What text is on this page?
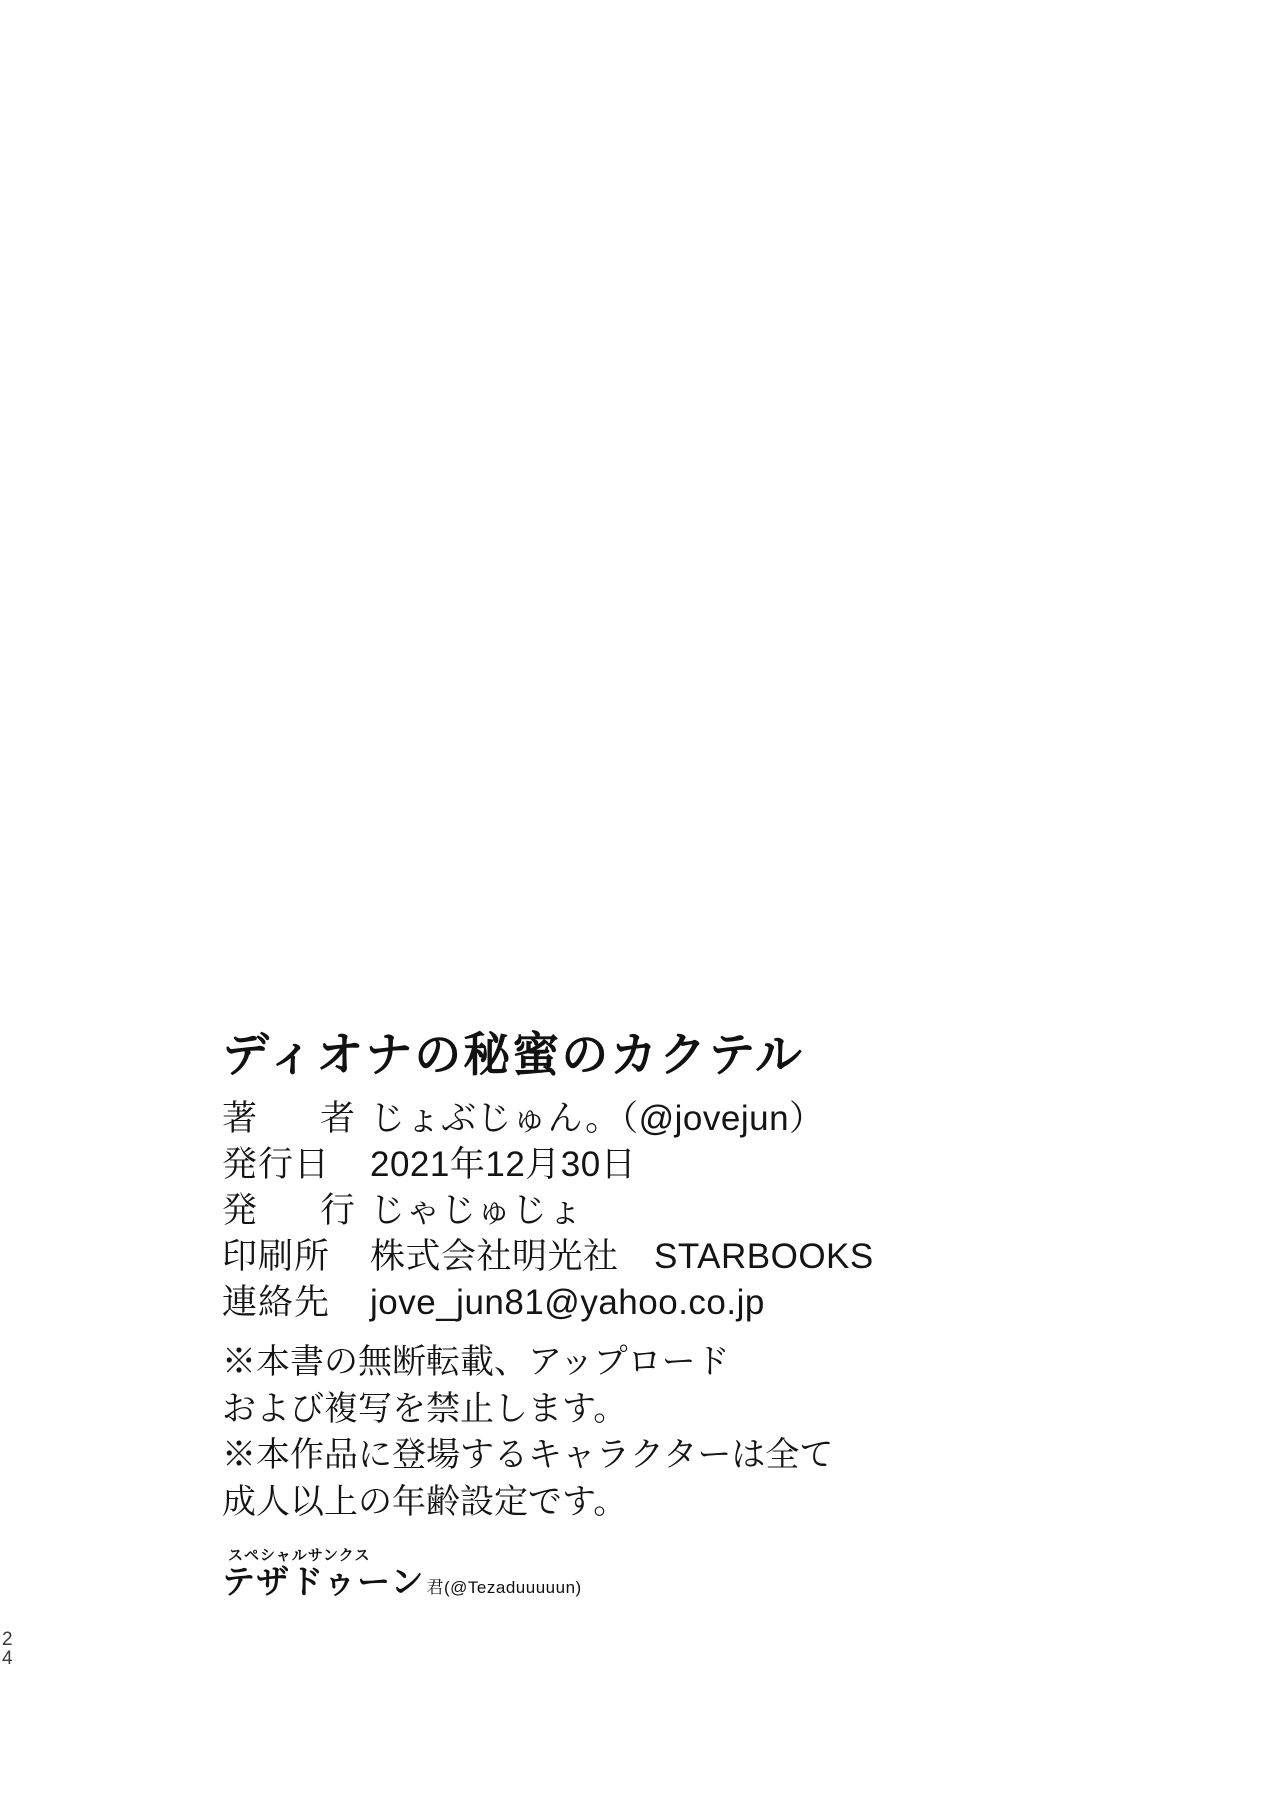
ディオナの秘蜜のカクテル
著　者 じょぶじゅん。（@jovejun）
発行日	2021年12月30日
発　行 じゃじゅじょ
印刷所	株式会社明光社　STARBOOKS
連絡先	jove_jun81@yahoo.co.jp
※本書の無断転載、アップロード
および複写を禁止します。
※本作品に登場するキャラクターは全て
成人以上の年齢設定です。
スペシャルサンクス
テザドゥーン 君(@Tezaduuuuun)
2
4
